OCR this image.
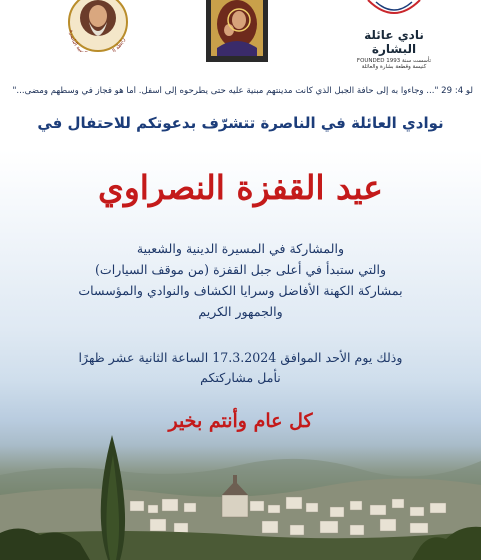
رابطة ال سية الناصرة
نادي عائلة البشارة
FOUNDED 1993 تأسست سنة
كنيسة وقطعة بشارة والعائلة
لو 4: 29 "... وجاءوا به إلى حافة الجبل الذي كانت مدينتهم مبنية عليه حتى يطرحوه إلى أسفل. أما هو فجاز في وسطهم ومضى..."
نوادي العائلة في الناصرة تتشرّف بدعوتكم للاحتفال في
عيد القفزة النصراوي
والمشاركة في المسيرة الدينية والشعبية
والتي ستبدأ في أعلى جبل القفزة (من موقف السيارات)
بمشاركة الكهنة الأفاضل وسرايا الكشاف والنوادي والمؤسسات
والجمهور الكريم
وذلك يوم الأحد الموافق 17.3.2024 الساعة الثانية عشر ظهرًا
نأمل مشاركتكم
كل عام وأنتم بخير
